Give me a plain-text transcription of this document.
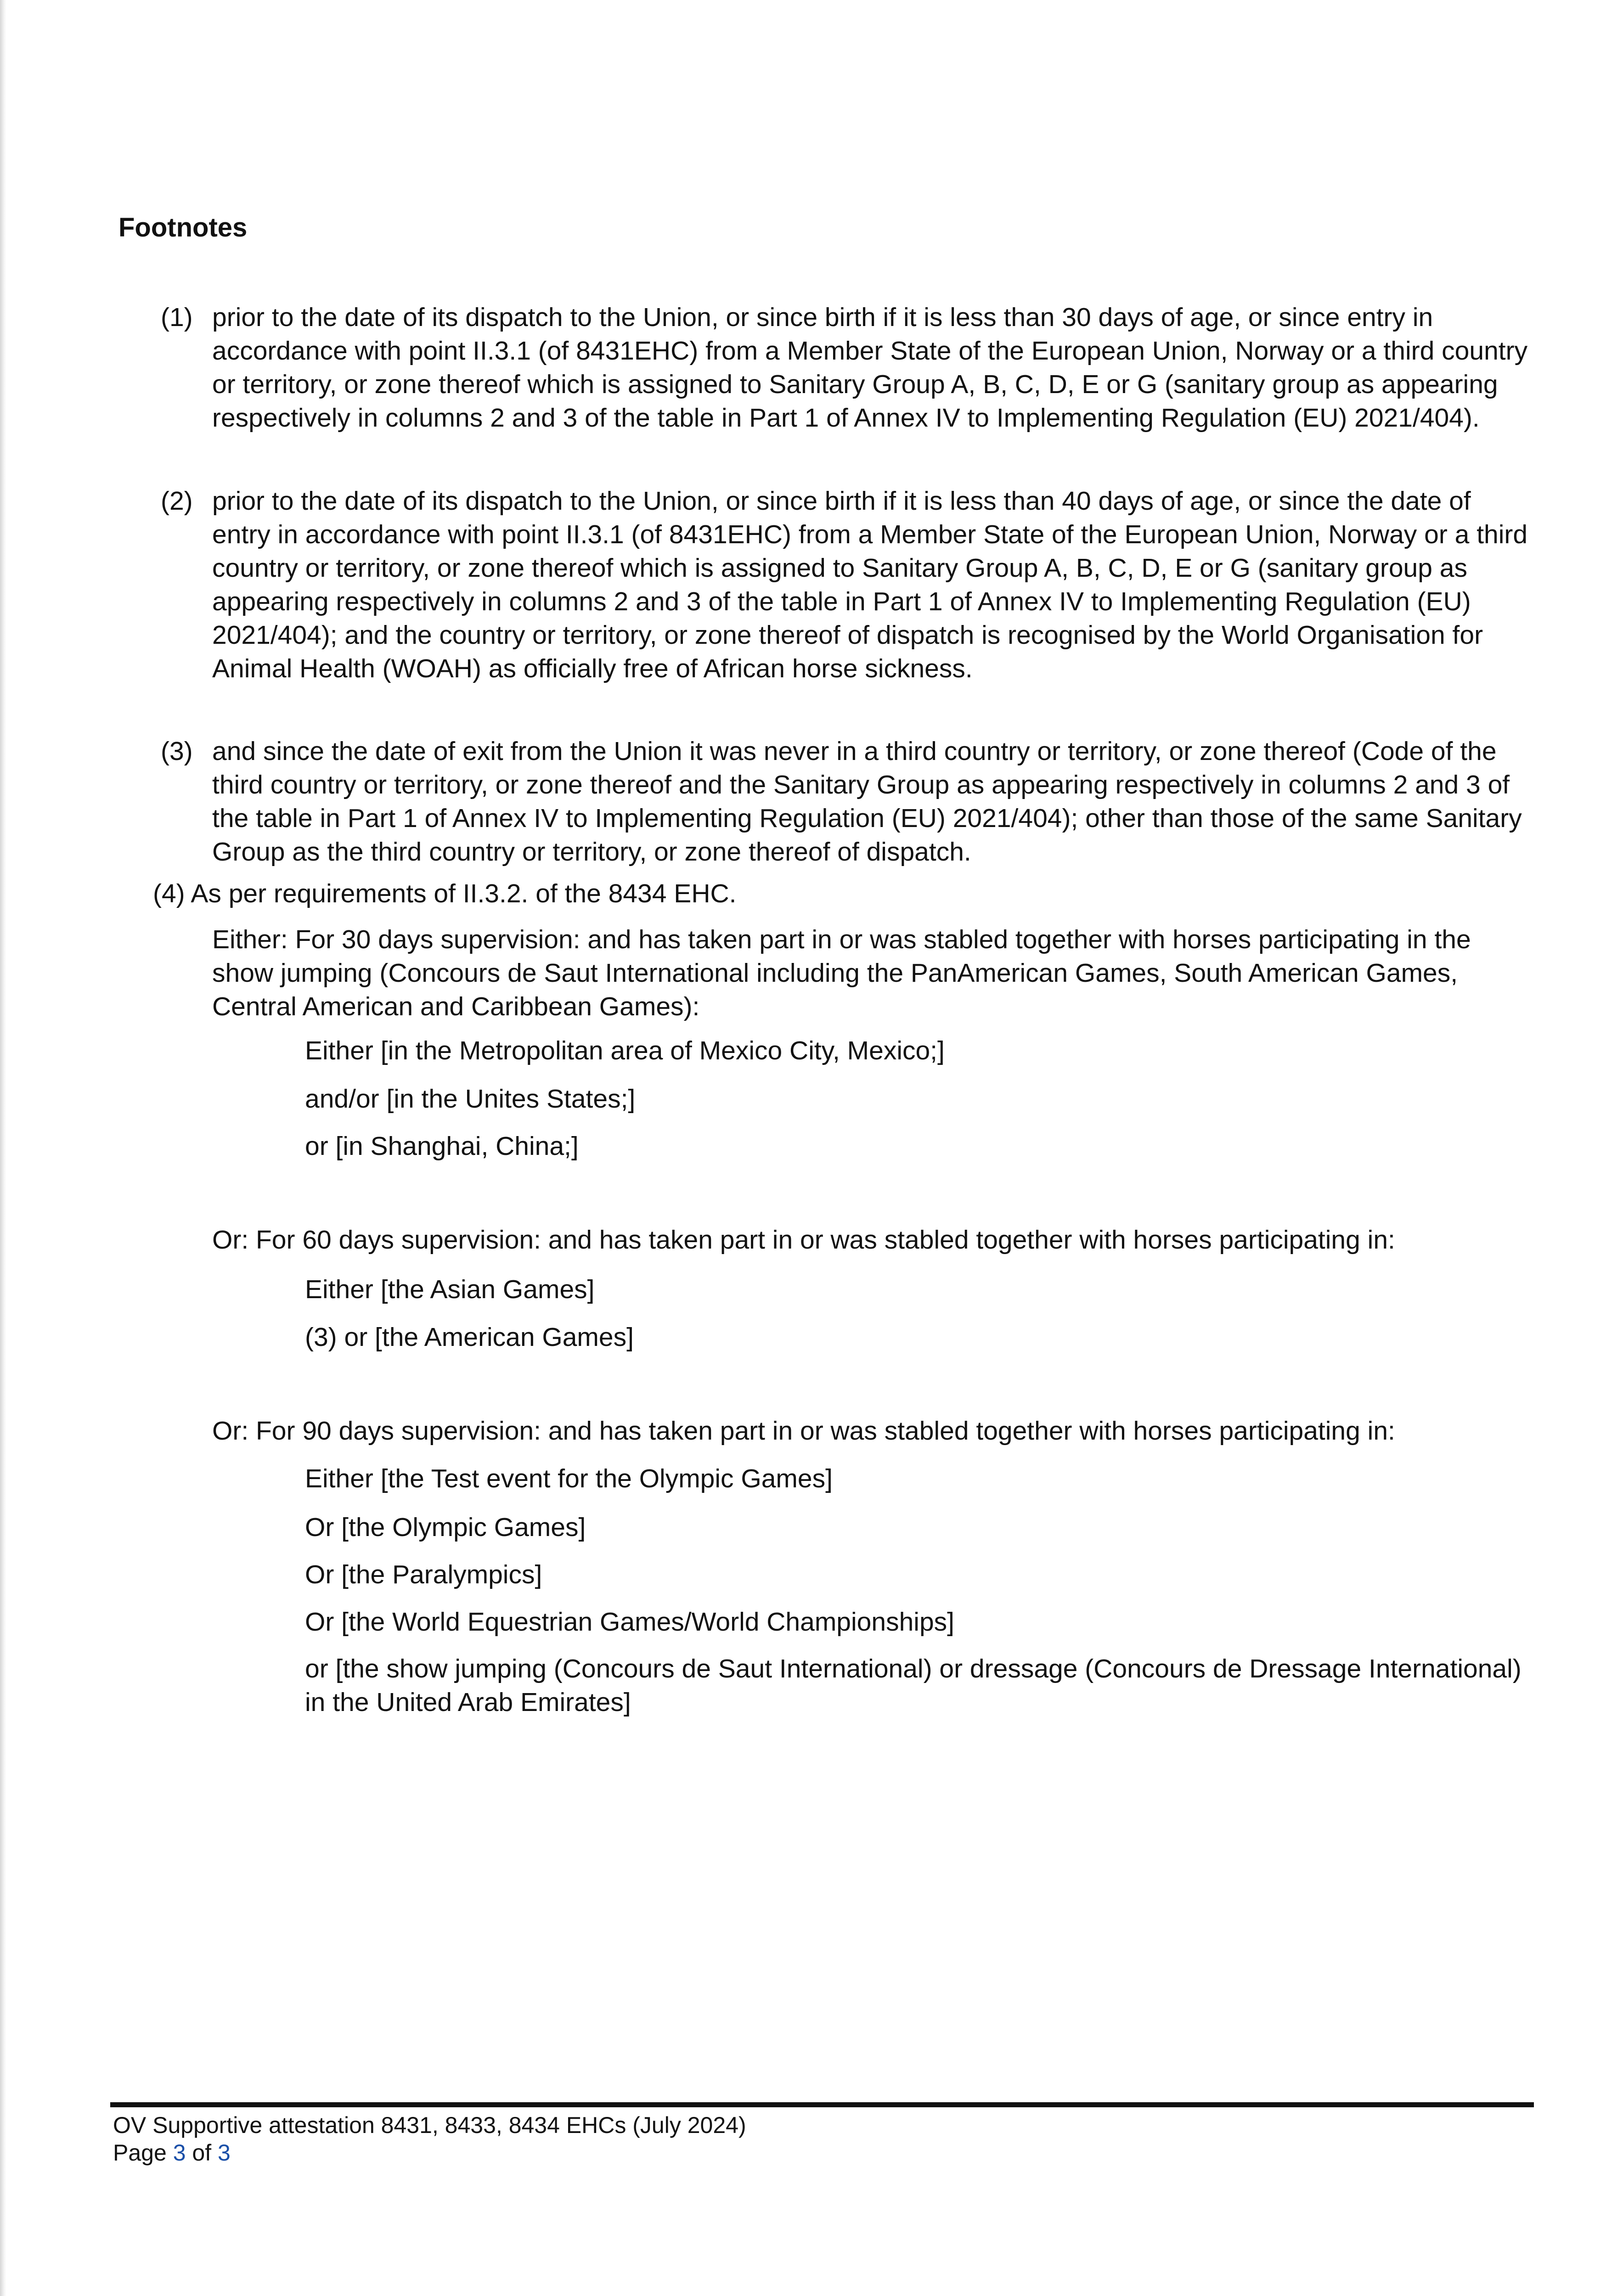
Footnotes
(1) prior to the date of its dispatch to the Union, or since birth if it is less than 30 days of age, or since entry in accordance with point II.3.1 (of 8431EHC) from a Member State of the European Union, Norway or a third country or territory, or zone thereof which is assigned to Sanitary Group A, B, C, D, E or G (sanitary group as appearing respectively in columns 2 and 3 of the table in Part 1 of Annex IV to Implementing Regulation (EU) 2021/404).
(2) prior to the date of its dispatch to the Union, or since birth if it is less than 40 days of age, or since the date of entry in accordance with point II.3.1 (of 8431EHC) from a Member State of the European Union, Norway or a third country or territory, or zone thereof which is assigned to Sanitary Group A, B, C, D, E or G (sanitary group as appearing respectively in columns 2 and 3 of the table in Part 1 of Annex IV to Implementing Regulation (EU) 2021/404); and the country or territory, or zone thereof of dispatch is recognised by the World Organisation for Animal Health (WOAH) as officially free of African horse sickness.
(3) and since the date of exit from the Union it was never in a third country or territory, or zone thereof (Code of the third country or territory, or zone thereof and the Sanitary Group as appearing respectively in columns 2 and 3 of the table in Part 1 of Annex IV to Implementing Regulation (EU) 2021/404); other than those of the same Sanitary Group as the third country or territory, or zone thereof of dispatch.

(4) As per requirements of II.3.2. of the 8434 EHC.

Either: For 30 days supervision: and has taken part in or was stabled together with horses participating in the show jumping (Concours de Saut International including the PanAmerican Games, South American Games, Central American and Caribbean Games):

Either [in the Metropolitan area of Mexico City, Mexico;]

and/or [in the Unites States;]

or [in Shanghai, China;]

Or: For 60 days supervision: and has taken part in or was stabled together with horses participating in:

Either [the Asian Games]

(3) or [the American Games]

Or: For 90 days supervision: and has taken part in or was stabled together with horses participating in:

Either [the Test event for the Olympic Games]

Or [the Olympic Games]

Or [the Paralympics]

Or [the World Equestrian Games/World Championships]

or [the show jumping (Concours de Saut International) or dressage (Concours de Dressage International) in the United Arab Emirates]

OV Supportive attestation 8431, 8433, 8434 EHCs (July 2024)

Page 3 of 3
